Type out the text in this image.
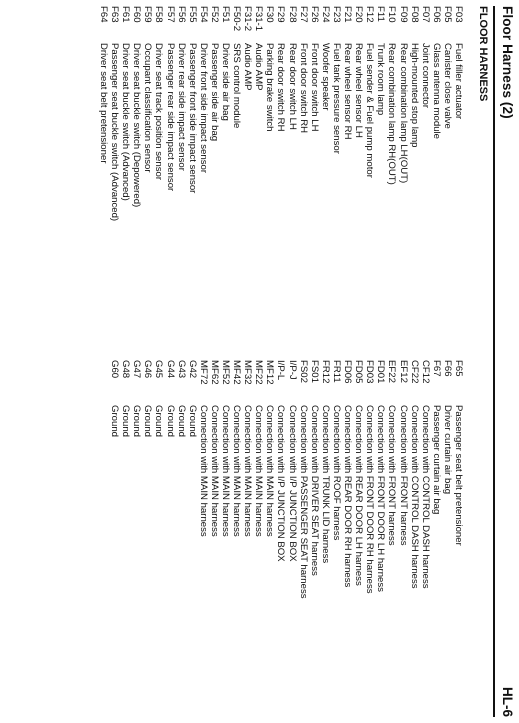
Floor Harness (2)
HL-6
FLOOR HARNESS
F03
Fuel filler actuator
F05
Canister close valve
F06
Glass antenna module
F07
Joint connector
F08
High-mounted stop lamp
F09
Rear combination lamp LH(OUT)
F10
Rear combination lamp RH(OUT)
F11
Trunk room lamp
F12
Fuel sender & Fuel pump motor
F20
Rear wheel sensor LH
F21
Rear wheel sensor RH
F23
Fuel tank pressure sensor
F24
Woofer speaker
F26
Front door switch LH
F27
Front door switch RH
F28
Rear door switch LH
F29
Rear door switch RH
F30
Parking brake switch
F31-1
Audio AMP
F31-2
Audio AMP
F50-2
SRS control module
F51
Driver side air bag
F52
Passenger side air bag
F54
Driver front side impact sensor
F55
Passenger front side impact sensor
F56
Driver rear side impact sensor
F57
Passenger rear side impact sensor
F58
Driver seat track position sensor
F59
Occupant classification sensor
F60
Driver seat buckle switch (Depowered)
F61
Driver seat buckle switch (Advanced)
F63
Passenger seat buckle switch (Advanced)
F64
Driver seat belt pretensioner
F65
Passenger seat belt pretensioner
F66
Driver curtain air bag
F67
Passenger curtain air bag
CF12
Connection with CONTROL DASH harness
CF22
Connection with CONTROL DASH harness
EF12
Connection with FRONT harness
EF22
Connection with FRONT harness
FD01
Connection with FRONT DOOR LH harness
FD03
Connection with FRONT DOOR RH harness
FD05
Connection with REAR DOOR LH harness
FD06
Connection with REAR DOOR RH harness
FR11
Connection with ROOF harness
FR12
Connection with TRUNK LID harness
FS01
Connection with DRIVER SEAT harness
FS02
Connection with PASSENGER SEAT harness
I/P-J
Connection with I/P JUNCTION BOX
I/P-L
Connection with I/P JUNCTION BOX
MF12
Connection with MAIN harness
MF22
Connection with MAIN harness
MF32
Connection with MAIN harness
MF42
Connection with MAIN harness
MF52
Connection with MAIN harness
MF62
Connection with MAIN harness
MF72
Connection with MAIN harness
G42
Ground
G43
Ground
G44
Ground
G45
Ground
G46
Ground
G47
Ground
G48
Ground
G60
Ground
